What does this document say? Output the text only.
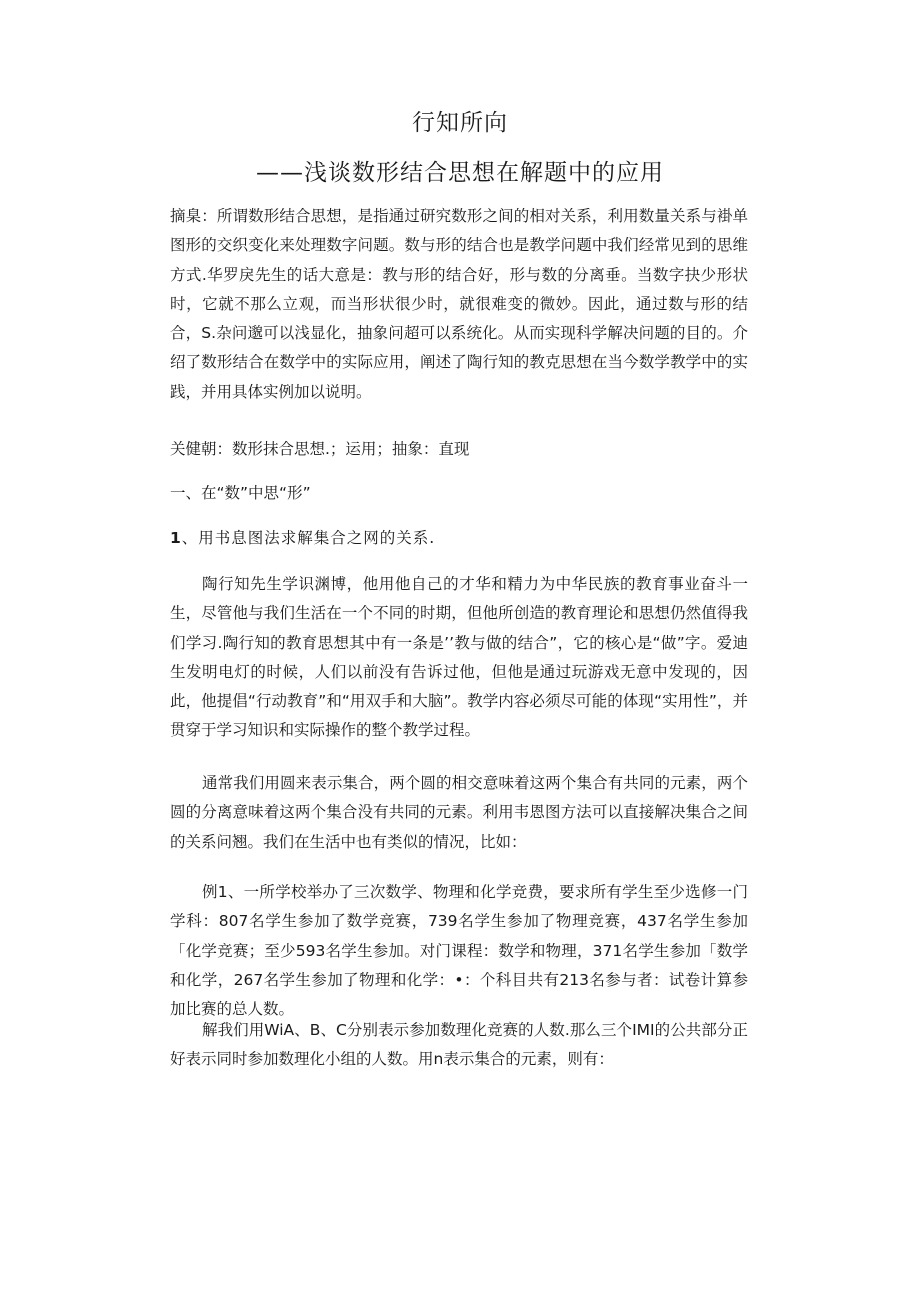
行知所向
——浅谈数形结合思想在解题中的应用

摘臬：所谓数形结合思想，是指通过研究数形之间的相对关系，利用数量关系与褂单图形的交织变化来处理数字问题。数与形的结合也是教学问题中我们经常见到的思维方式.华罗戾先生的话大意是：教与形的结合好，形与数的分离垂。当数字抉少形状时，它就不那么立观，而当形状很少时，就很难变的微妙。因此，通过数与形的结合，S.杂问邈可以浅显化，抽象问超可以系统化。从而实现科学解决问题的目的。介绍了数形结合在数学中的实际应用，阐述了陶行知的教克思想在当今数学教学中的实践，并用具体实例加以说明。

关健朝：数形抹合思想.；运用；抽象：直现

一、在“数”中思“形”

1、用书息图法求解集合之网的关系.

陶行知先生学识渊博，他用他自己的才华和精力为中华民族的教育事业奋斗一生，尽管他与我们生活在一个不同的时期，但他所创造的教育理论和思想仍然值得我们学习.陶行知的教育思想其中有一条是’’教与做的结合”，它的核心是“做”字。爱迪生发明电灯的时候，人们以前没有告诉过他，但他是通过玩游戏无意中发现的，因此，他提倡“行动教育”和“用双手和大脑”。教学内容必须尽可能的体现“实用性”，并贯穿于学习知识和实际操作的整个教学过程。

通常我们用圆来表示集合，两个圆的相交意味着这两个集合有共同的元素，两个圆的分离意味着这两个集合没有共同的元素。利用韦恩图方法可以直接解决集合之间的关系问翘。我们在生活中也有类似的情况，比如：

例1、一所学校举办了三次数学、物理和化学竞费，要求所有学生至少选修一门学科：807名学生参加了数学竞赛，739名学生参加了物理竞赛，437名学生参加「化学竞赛；至少593名学生参加。对门课程：数学和物理，371名学生参加「数学和化学，267名学生参加了物理和化学：•：个科目共有213名参与者：试卷计算参加比赛的总人数。

解我们用WiA、B、C分别表示参加数理化竞赛的人数.那么三个IMI的公共部分正好表示同时参加数理化小组的人数。用n表示集合的元素，则有：
